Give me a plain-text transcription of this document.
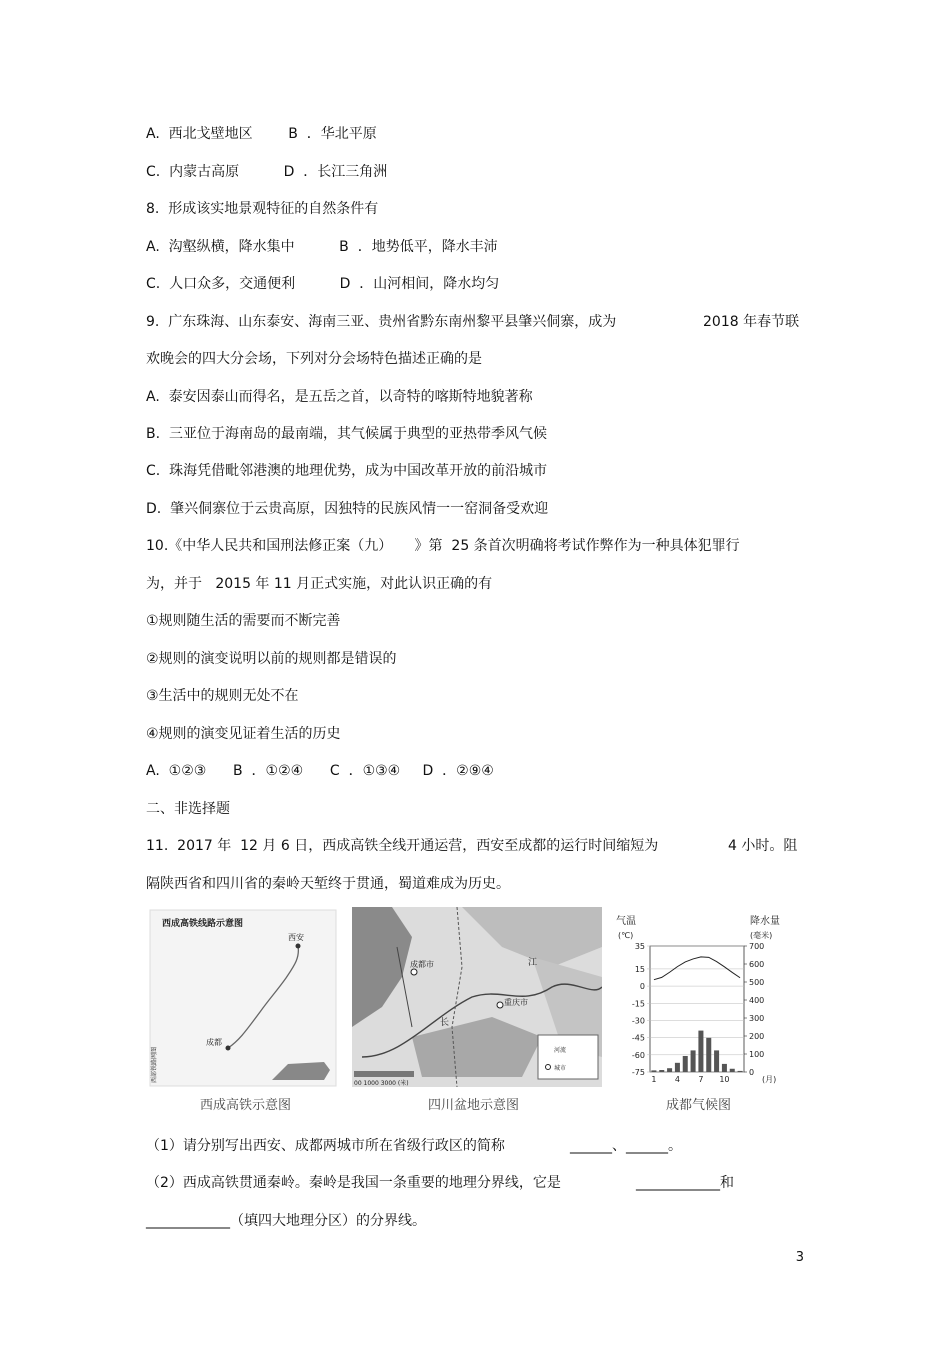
A.  西北戈壁地区        B  ．华北平原
C.  内蒙古高原          D  ．长江三角洲
8.  形成该实地景观特征的自然条件有
A.  沟壑纵横，降水集中          B  ．地势低平，降水丰沛
C.  人口众多，交通便利          D  ．山河相间，降水均匀
9.  广东珠海、山东泰安、海南三亚、贵州省黔东南州黎平县肇兴侗寨，成为	2018 年春节联
欢晚会的四大分会场，下列对分会场特色描述正确的是
A.  泰安因泰山而得名，是五岳之首，以奇特的喀斯特地貌著称
B.  三亚位于海南岛的最南端，其气候属于典型的亚热带季风气候
C.  珠海凭借毗邻港澳的地理优势，成为中国改革开放的前沿城市
D.  肇兴侗寨位于云贵高原，因独特的民族风情一一窑洞备受欢迎
10.《中华人民共和国刑法修正案（九）     》第  25 条首次明确将考试作弊作为一种具体犯罪行
为，并于   2015 年 11 月正式实施，对此认识正确的有
①规则随生活的需要而不断完善
②规则的演变说明以前的规则都是错误的
③生活中的规则无处不在
④规则的演变见证着生活的历史
A.  ①②③      B  ．①②④      C  ．①③④     D  ．②⑨④
二、非选择题
11.  2017 年  12 月 6 日，西成高铁全线开通运营，西安至成都的运行时间缩短为	4 小时。阻
隔陕西省和四川省的秦岭天堑终于贯通，蜀道难成为历史。
西成高铁线路示意图
西安
成都
西部铁路网图
西成高铁示意图
成都市
重庆市
江
长
河流
城市
00 1000 3000 (米)
四川盆地示意图
气温
(℃)
降水量
(毫米)
35
15
0
-15
-30
-45
-60
-75
700
600
500
400
300
200
100
0
1 4 7 10	(月)
成都气候图
（1）请分别写出西安、成都两城市所在省级行政区的简称	______、______。
（2）西成高铁贯通秦岭。秦岭是我国一条重要的地理分界线，它是	____________和
____________（填四大地理分区）的分界线。
3
